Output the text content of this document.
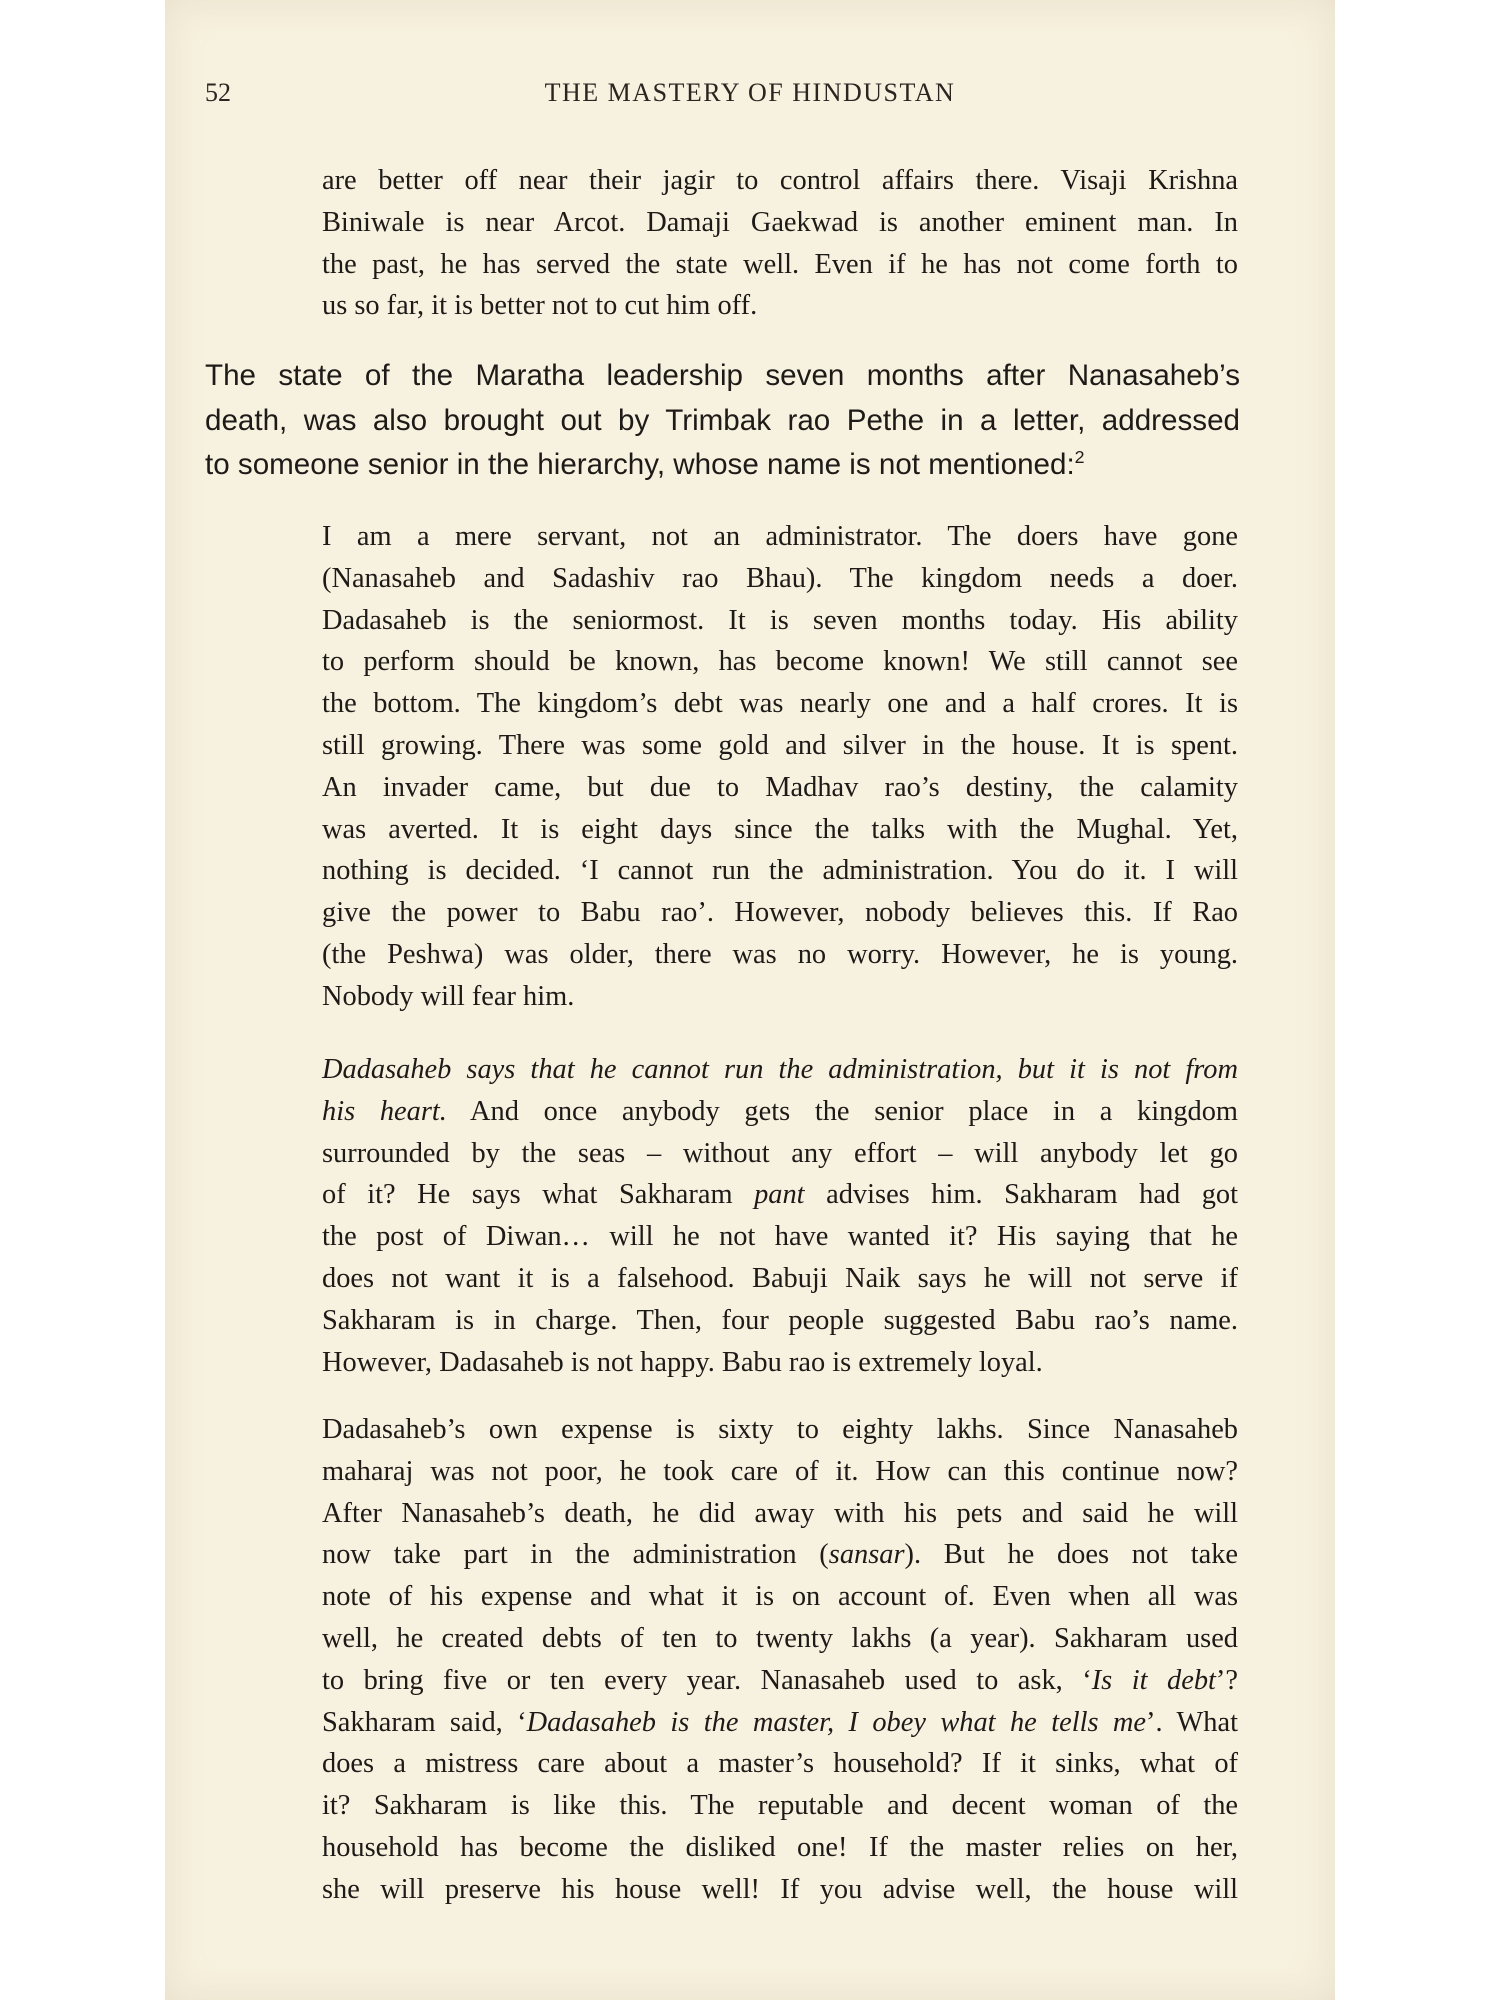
52	THE MASTERY OF HINDUSTAN
are better off near their jagir to control affairs there. Visaji Krishna
Biniwale is near Arcot. Damaji Gaekwad is another eminent man. In
the past, he has served the state well. Even if he has not come forth to
us so far, it is better not to cut him off.
The state of the Maratha leadership seven months after Nanasaheb’s
death, was also brought out by Trimbak rao Pethe in a letter, addressed
to someone senior in the hierarchy, whose name is not mentioned:$^2$
I am a mere servant, not an administrator. The doers have gone
(Nanasaheb and Sadashiv rao Bhau). The kingdom needs a doer.
Dadasaheb is the seniormost. It is seven months today. His ability
to perform should be known, has become known! We still cannot see
the bottom. The kingdom’s debt was nearly one and a half crores. It is
still growing. There was some gold and silver in the house. It is spent.
An invader came, but due to Madhav rao’s destiny, the calamity
was averted. It is eight days since the talks with the Mughal. Yet,
nothing is decided. ‘I cannot run the administration. You do it. I will
give the power to Babu rao’. However, nobody believes this. If Rao
(the Peshwa) was older, there was no worry. However, he is young.
Nobody will fear him.
Dadasaheb says that he cannot run the administration, but it is not from
his heart. And once anybody gets the senior place in a kingdom
surrounded by the seas – without any effort – will anybody let go
of it? He says what Sakharam pant advises him. Sakharam had got
the post of Diwan… will he not have wanted it? His saying that he
does not want it is a falsehood. Babuji Naik says he will not serve if
Sakharam is in charge. Then, four people suggested Babu rao’s name.
However, Dadasaheb is not happy. Babu rao is extremely loyal.
Dadasaheb’s own expense is sixty to eighty lakhs. Since Nanasaheb
maharaj was not poor, he took care of it. How can this continue now?
After Nanasaheb’s death, he did away with his pets and said he will
now take part in the administration (sansar). But he does not take
note of his expense and what it is on account of. Even when all was
well, he created debts of ten to twenty lakhs (a year). Sakharam used
to bring five or ten every year. Nanasaheb used to ask, ‘Is it debt’?
Sakharam said, ‘Dadasaheb is the master, I obey what he tells me’. What
does a mistress care about a master’s household? If it sinks, what of
it? Sakharam is like this. The reputable and decent woman of the
household has become the disliked one! If the master relies on her,
she will preserve his house well! If you advise well, the house will
